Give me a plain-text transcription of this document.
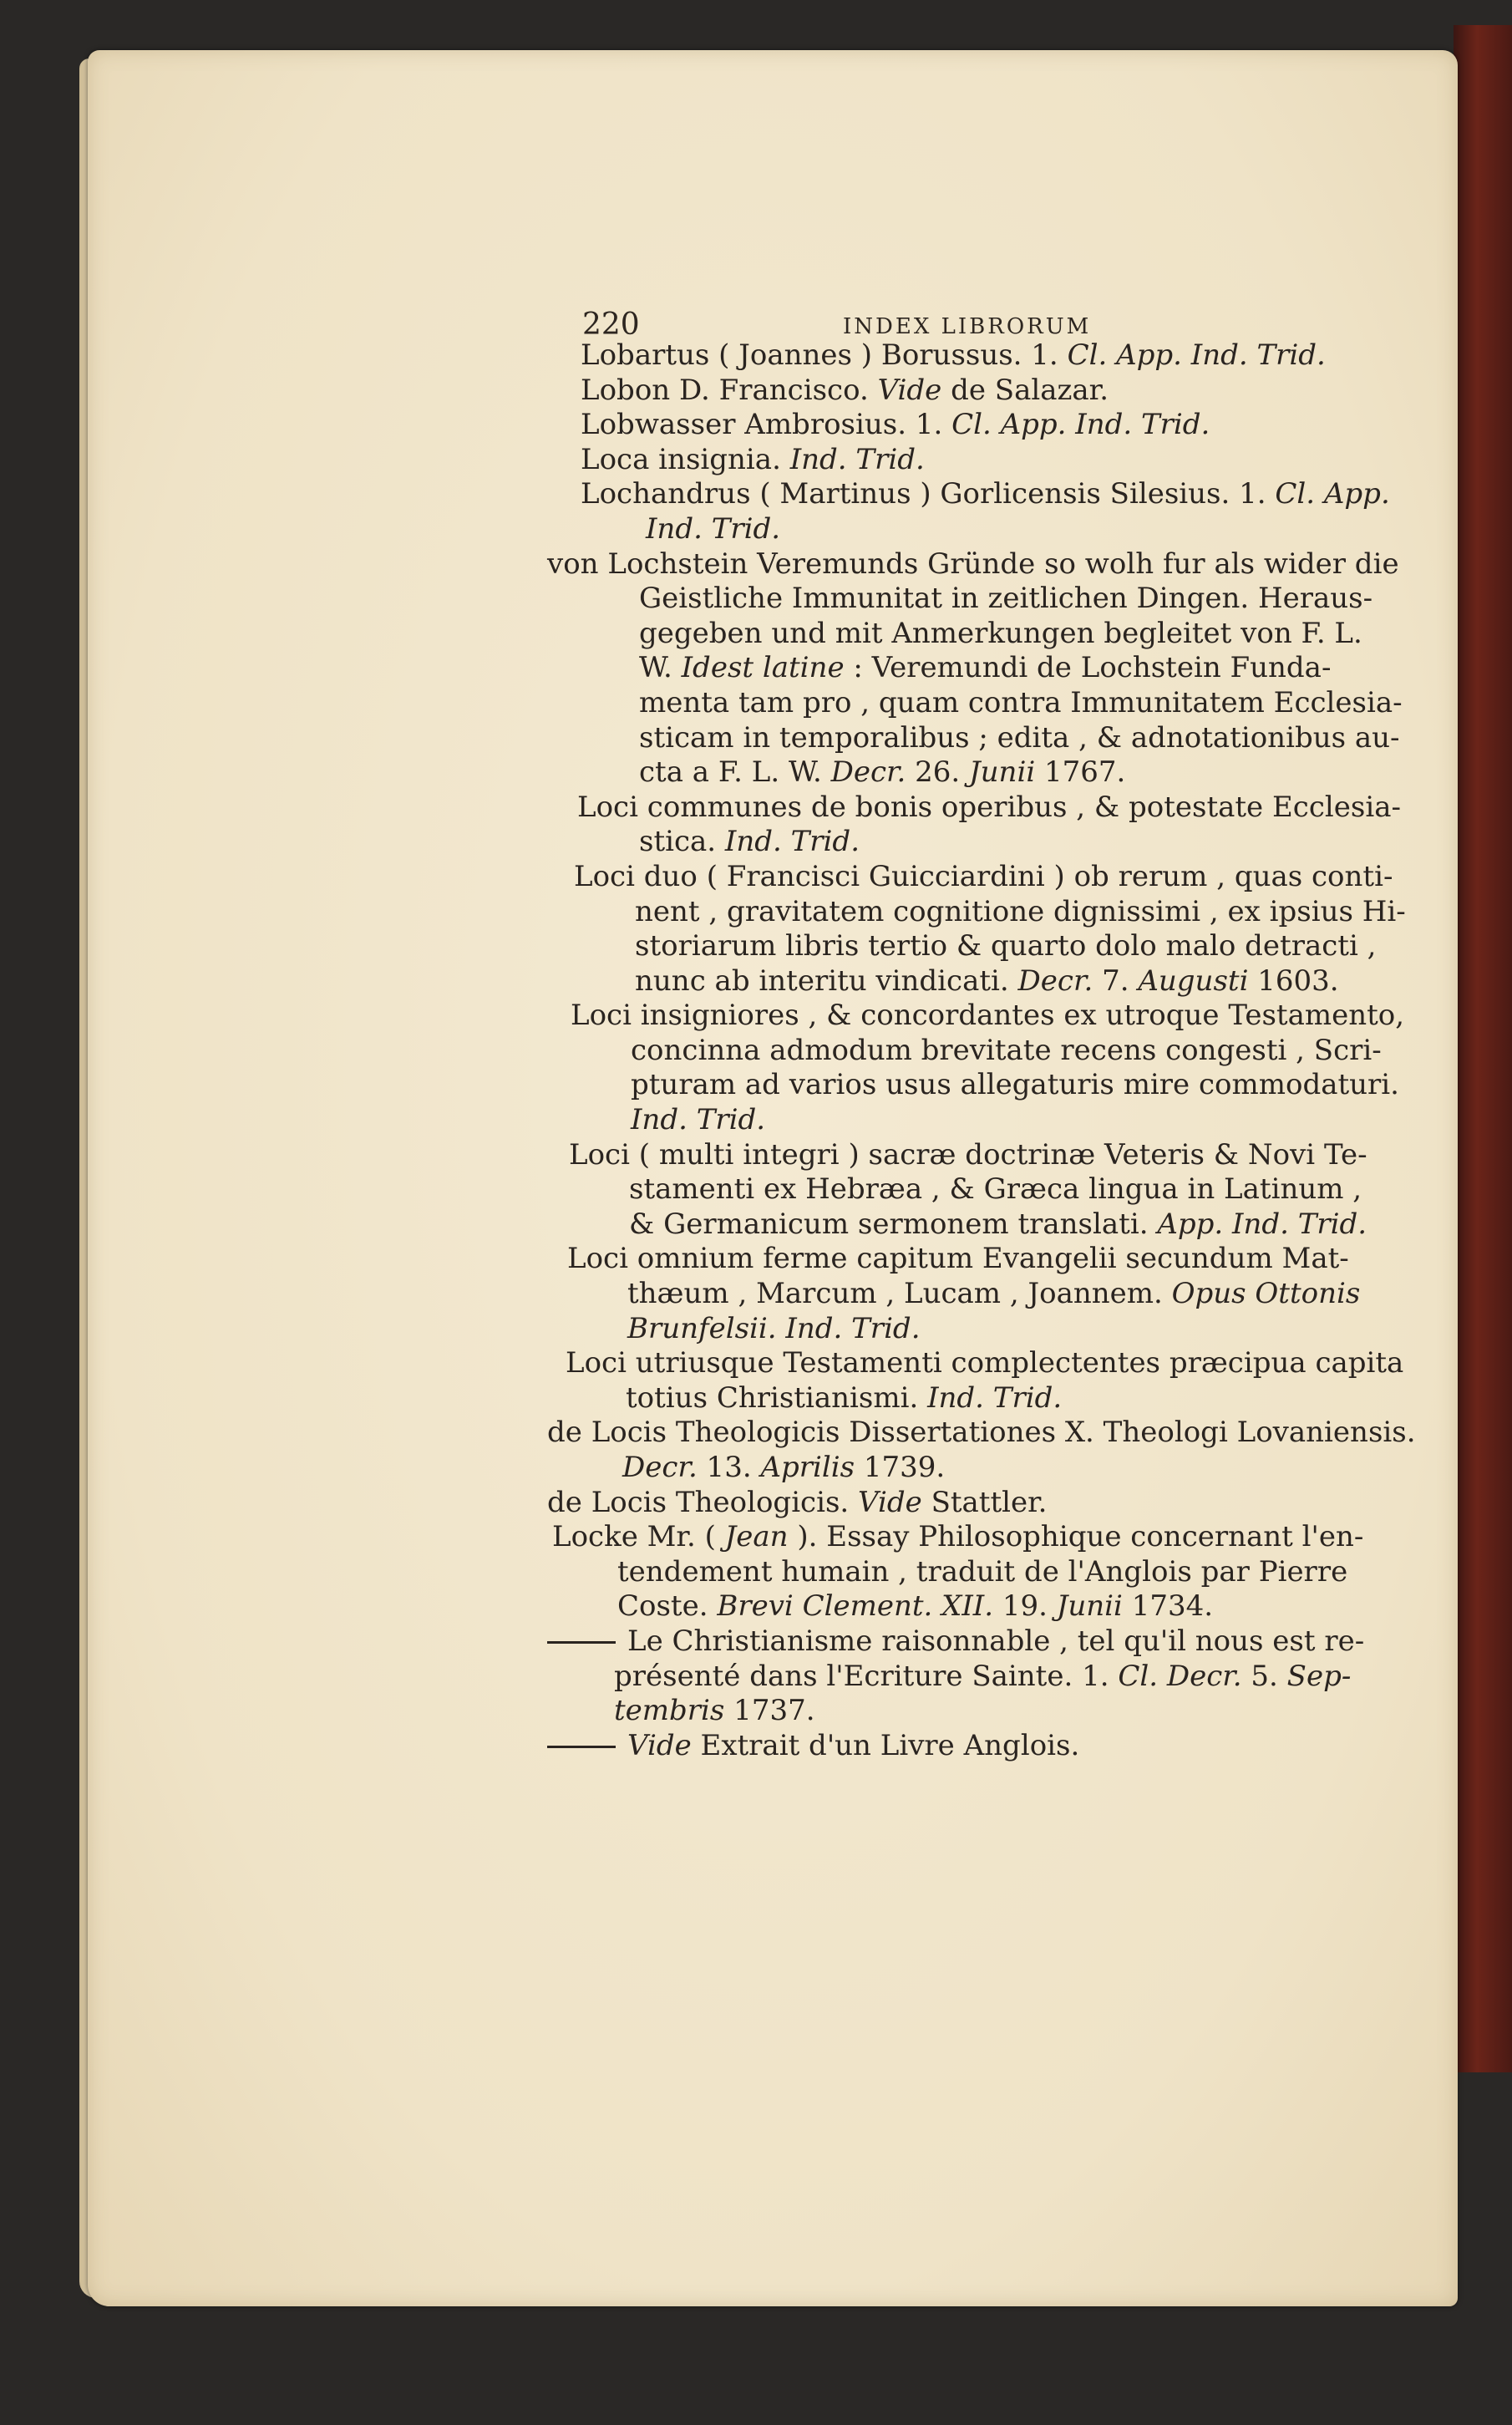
220	INDEX LIBRORUM
Lobartus ( Joannes ) Borussus. 1. Cl. App. Ind. Trid.
Lobon D. Francisco. Vide de Salazar.
Lobwasser Ambrosius. 1. Cl. App. Ind. Trid.
Loca insignia. Ind. Trid.
Lochandrus ( Martinus ) Gorlicensis Silesius. 1. Cl. App.
Ind. Trid.
von Lochstein Veremunds Gründe so wolh fur als wider die
Geistliche Immunitat in zeitlichen Dingen. Heraus-
gegeben und mit Anmerkungen begleitet von F. L.
W. Idest latine : Veremundi de Lochstein Funda-
menta tam pro , quam contra Immunitatem Ecclesia-
sticam in temporalibus ; edita , & adnotationibus au-
cta a F. L. W. Decr. 26. Junii 1767.
Loci communes de bonis operibus , & potestate Ecclesia-
stica. Ind. Trid.
Loci duo ( Francisci Guicciardini ) ob rerum , quas conti-
nent , gravitatem cognitione dignissimi , ex ipsius Hi-
storiarum libris tertio & quarto dolo malo detracti ,
nunc ab interitu vindicati. Decr. 7. Augusti 1603.
Loci insigniores , & concordantes ex utroque Testamento,
concinna admodum brevitate recens congesti , Scri-
pturam ad varios usus allegaturis mire commodaturi.
Ind. Trid.
Loci ( multi integri ) sacræ doctrinæ Veteris & Novi Te-
stamenti ex Hebræa , & Græca lingua in Latinum ,
& Germanicum sermonem translati. App. Ind. Trid.
Loci omnium ferme capitum Evangelii secundum Mat-
thæum , Marcum , Lucam , Joannem. Opus Ottonis
Brunfelsii. Ind. Trid.
Loci utriusque Testamenti complectentes præcipua capita
totius Christianismi. Ind. Trid.
de Locis Theologicis Dissertationes X. Theologi Lovaniensis.
Decr. 13. Aprilis 1739.
de Locis Theologicis. Vide Stattler.
Locke Mr. ( Jean ). Essay Philosophique concernant l'en-
tendement humain , traduit de l'Anglois par Pierre
Coste. Brevi Clement. XII. 19. Junii 1734.
Le Christianisme raisonnable , tel qu'il nous est re-
présenté dans l'Ecriture Sainte. 1. Cl. Decr. 5. Sep-
tembris 1737.
Vide Extrait d'un Livre Anglois.
